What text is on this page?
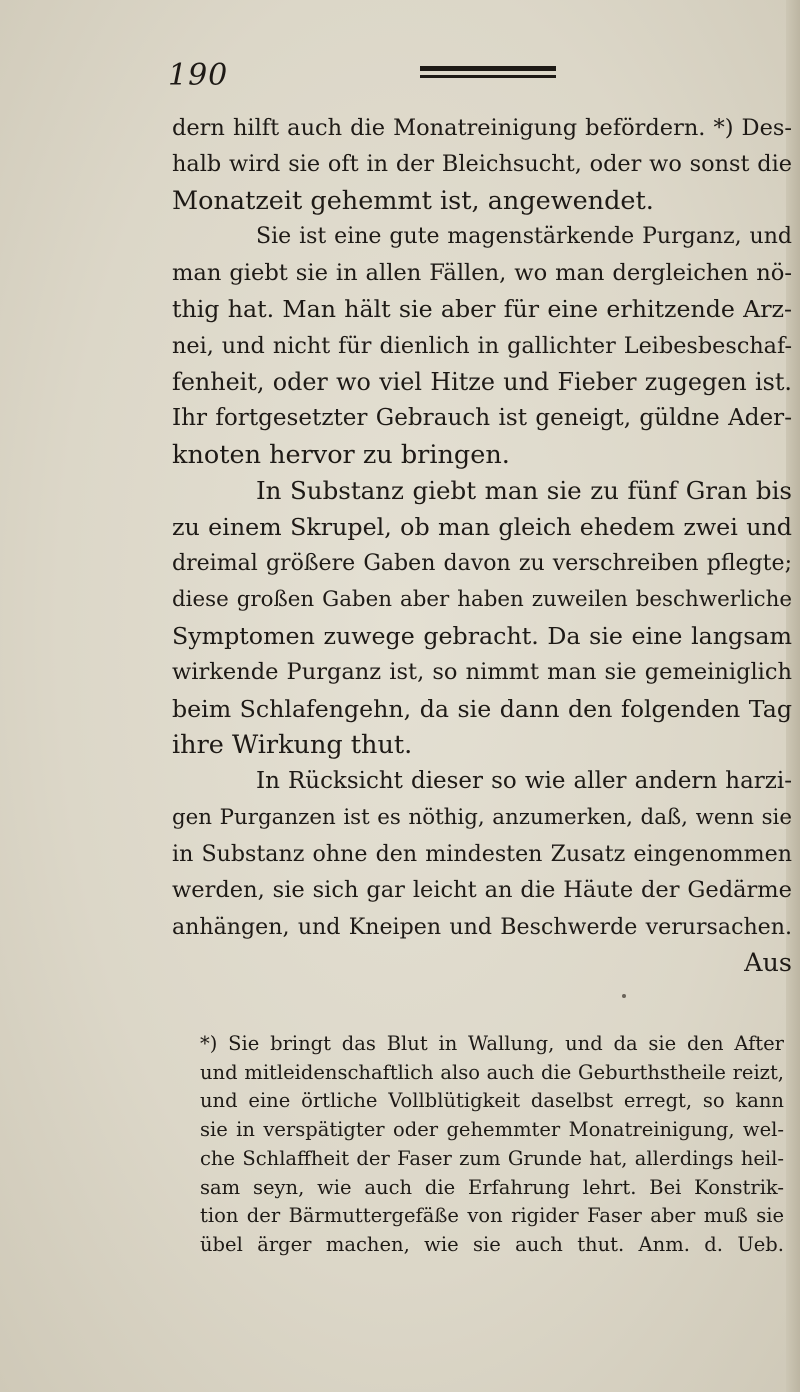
190
dern hilft auch die Monatreinigung befördern. *) Des-
halb wird sie oft in der Bleichsucht, oder wo sonst die
Monatzeit gehemmt ist, angewendet.
Sie ist eine gute magenstärkende Purganz, und
man giebt sie in allen Fällen, wo man dergleichen nö-
thig hat. Man hält sie aber für eine erhitzende Arz-
nei, und nicht für dienlich in gallichter Leibesbeschaf-
fenheit, oder wo viel Hitze und Fieber zugegen ist.
Ihr fortgesetzter Gebrauch ist geneigt, güldne Ader-
knoten hervor zu bringen.
In Substanz giebt man sie zu fünf Gran bis
zu einem Skrupel, ob man gleich ehedem zwei und
dreimal größere Gaben davon zu verschreiben pflegte;
diese großen Gaben aber haben zuweilen beschwerliche
Symptomen zuwege gebracht. Da sie eine langsam
wirkende Purganz ist, so nimmt man sie gemeiniglich
beim Schlafengehn, da sie dann den folgenden Tag
ihre Wirkung thut.
In Rücksicht dieser so wie aller andern harzi-
gen Purganzen ist es nöthig, anzumerken, daß, wenn sie
in Substanz ohne den mindesten Zusatz eingenommen
werden, sie sich gar leicht an die Häute der Gedärme
anhängen, und Kneipen und Beschwerde verursachen.
Aus
*) Sie bringt das Blut in Wallung, und da sie den After
und mitleidenschaftlich also auch die Geburthstheile reizt,
und eine örtliche Vollblütigkeit daselbst erregt, so kann
sie in verspätigter oder gehemmter Monatreinigung, wel-
che Schlaffheit der Faser zum Grunde hat, allerdings heil-
sam seyn, wie auch die Erfahrung lehrt. Bei Konstrik-
tion der Bärmuttergefäße von rigider Faser aber muß sie
übel ärger machen, wie sie auch thut. Anm. d. Ueb.
